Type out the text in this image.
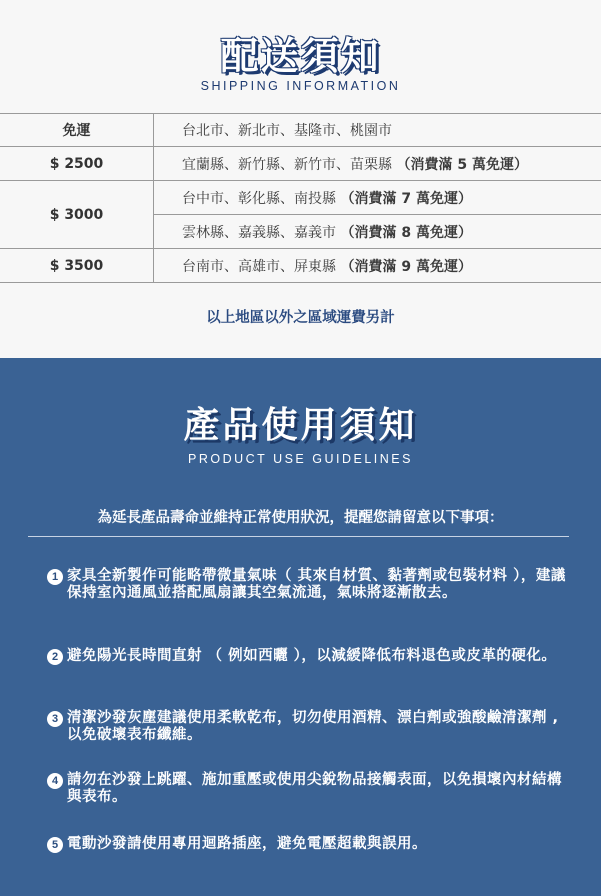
配送須知
SHIPPING INFORMATION
免運	台北市、新北市、基隆市、桃園市
$ 2500	宜蘭縣、新竹縣、新竹市、苗栗縣 （消費滿 5 萬免運）
$ 3000	台中市、彰化縣、南投縣 （消費滿 7 萬免運）
	雲林縣、嘉義縣、嘉義市 （消費滿 8 萬免運）
$ 3500	台南市、高雄市、屏東縣 （消費滿 9 萬免運）
以上地區以外之區域運費另計
產品使用須知
PRODUCT USE GUIDELINES
為延長產品壽命並維持正常使用狀況，提醒您請留意以下事項：
1 家具全新製作可能略帶微量氣味（ 其來自材質、黏著劑或包裝材料 ），建議保持室內通風並搭配風扇讓其空氣流通，氣味將逐漸散去。
2 避免陽光長時間直射 （ 例如西曬 ），以減緩降低布料退色或皮革的硬化。
3 清潔沙發灰塵建議使用柔軟乾布，切勿使用酒精、漂白劑或強酸鹼清潔劑 , 以免破壞表布纖維。
4 請勿在沙發上跳躍、施加重壓或使用尖銳物品接觸表面，以免損壞內材結構與表布。
5 電動沙發請使用專用迴路插座，避免電壓超載與誤用。
